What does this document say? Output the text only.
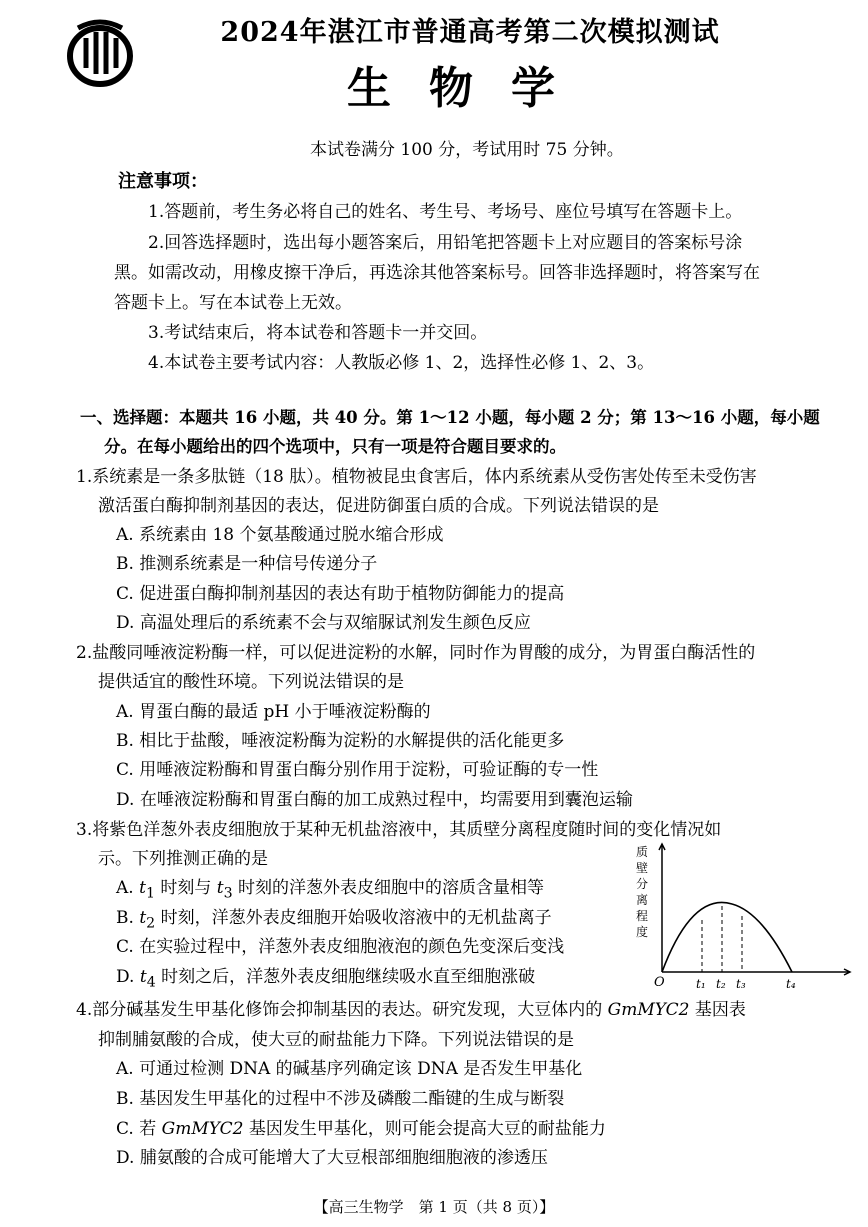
2024年湛江市普通高考第二次模拟测试
生物学
本试卷满分 100 分，考试用时 75 分钟。
注意事项：
1.答题前，考生务必将自己的姓名、考生号、考场号、座位号填写在答题卡上。
2.回答选择题时，选出每小题答案后，用铅笔把答题卡上对应题目的答案标号涂
黑。如需改动，用橡皮擦干净后，再选涂其他答案标号。回答非选择题时，将答案写在
答题卡上。写在本试卷上无效。
3.考试结束后，将本试卷和答题卡一并交回。
4.本试卷主要考试内容：人教版必修 1、2，选择性必修 1、2、3。
一、选择题：本题共 16 小题，共 40 分。第 1～12 小题，每小题 2 分；第 13～16 小题，每小题
分。在每小题给出的四个选项中，只有一项是符合题目要求的。
1.系统素是一条多肽链（18 肽）。植物被昆虫食害后，体内系统素从受伤害处传至未受伤害
激活蛋白酶抑制剂基因的表达，促进防御蛋白质的合成。下列说法错误的是
A. 系统素由 18 个氨基酸通过脱水缩合形成
B. 推测系统素是一种信号传递分子
C. 促进蛋白酶抑制剂基因的表达有助于植物防御能力的提高
D. 高温处理后的系统素不会与双缩脲试剂发生颜色反应
2.盐酸同唾液淀粉酶一样，可以促进淀粉的水解，同时作为胃酸的成分，为胃蛋白酶活性的
提供适宜的酸性环境。下列说法错误的是
A. 胃蛋白酶的最适 pH 小于唾液淀粉酶的
B. 相比于盐酸，唾液淀粉酶为淀粉的水解提供的活化能更多
C. 用唾液淀粉酶和胃蛋白酶分别作用于淀粉，可验证酶的专一性
D. 在唾液淀粉酶和胃蛋白酶的加工成熟过程中，均需要用到囊泡运输
3.将紫色洋葱外表皮细胞放于某种无机盐溶液中，其质壁分离程度随时间的变化情况如
示。下列推测正确的是
A. $t_1$ 时刻与 $t_3$ 时刻的洋葱外表皮细胞中的溶质含量相等
B. $t_2$ 时刻，洋葱外表皮细胞开始吸收溶液中的无机盐离子
C. 在实验过程中，洋葱外表皮细胞液泡的颜色先变深后变浅
D. $t_4$ 时刻之后，洋葱外表皮细胞继续吸水直至细胞涨破
质
壁
分
离
程
度
O	t₁ t₂ t₃	t₄
4.部分碱基发生甲基化修饰会抑制基因的表达。研究发现，大豆体内的 GmMYC2 基因表
抑制脯氨酸的合成，使大豆的耐盐能力下降。下列说法错误的是
A. 可通过检测 DNA 的碱基序列确定该 DNA 是否发生甲基化
B. 基因发生甲基化的过程中不涉及磷酸二酯键的生成与断裂
C. 若 GmMYC2 基因发生甲基化，则可能会提高大豆的耐盐能力
D. 脯氨酸的合成可能增大了大豆根部细胞细胞液的渗透压
【高三生物学　第 1 页（共 8 页）】
